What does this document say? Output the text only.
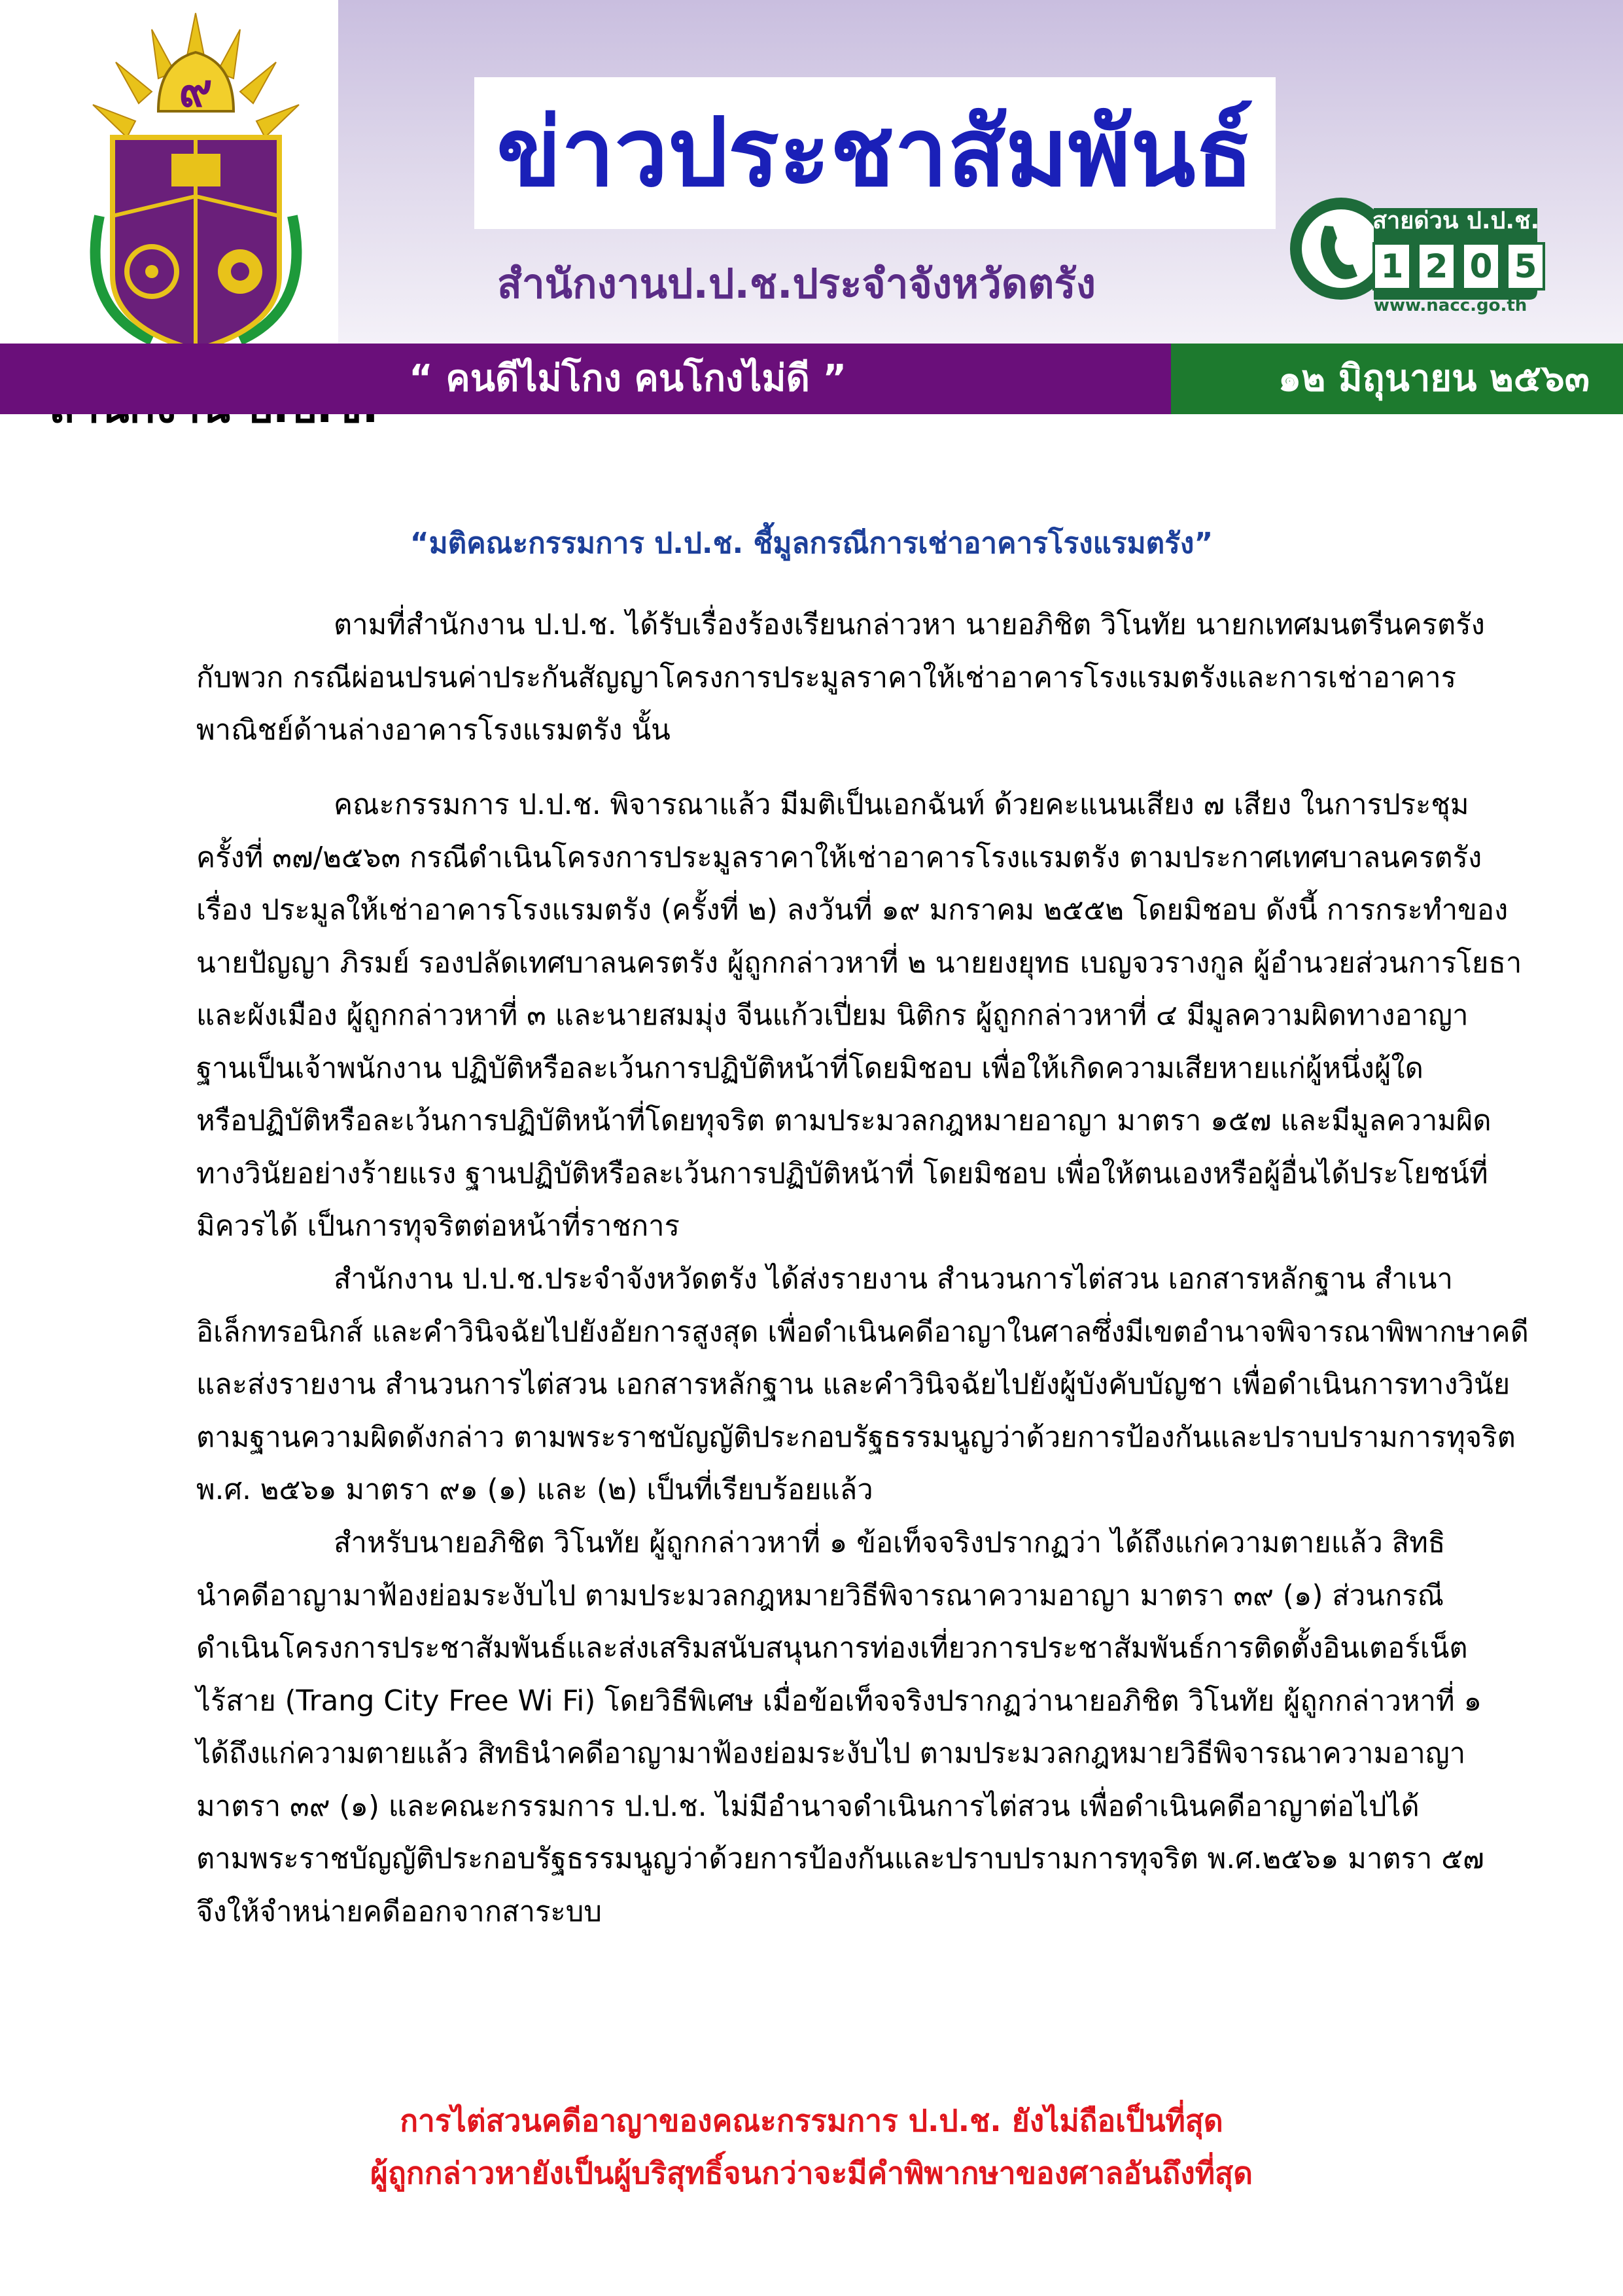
๙
ข่าวประชาสัมพันธ์
สำนักงานป.ป.ช.ประจำจังหวัดตรัง
สายด่วน ป.ป.ช.
1 2 0 5
www.nacc.go.th
“ คนดีไม่โกง คนโกงไม่ดี ”	๑๒ มิถุนายน ๒๕๖๓
“มติคณะกรรมการ ป.ป.ช. ชี้มูลกรณีการเช่าอาคารโรงแรมตรัง”
ตามที่สำนักงาน ป.ป.ช. ได้รับเรื่องร้องเรียนกล่าวหา นายอภิชิต วิโนทัย นายกเทศมนตรีนครตรัง
กับพวก กรณีผ่อนปรนค่าประกันสัญญาโครงการประมูลราคาให้เช่าอาคารโรงแรมตรังและการเช่าอาคาร
พาณิชย์ด้านล่างอาคารโรงแรมตรัง นั้น
คณะกรรมการ ป.ป.ช. พิจารณาแล้ว มีมติเป็นเอกฉันท์ ด้วยคะแนนเสียง ๗ เสียง ในการประชุม
ครั้งที่ ๓๗/๒๕๖๓ กรณีดำเนินโครงการประมูลราคาให้เช่าอาคารโรงแรมตรัง ตามประกาศเทศบาลนครตรัง
เรื่อง ประมูลให้เช่าอาคารโรงแรมตรัง (ครั้งที่ ๒) ลงวันที่ ๑๙ มกราคม ๒๕๕๒ โดยมิชอบ ดังนี้ การกระทำของ
นายปัญญา ภิรมย์ รองปลัดเทศบาลนครตรัง ผู้ถูกกล่าวหาที่ ๒ นายยงยุทธ เบญจวรางกูล ผู้อำนวยส่วนการโยธา
และผังเมือง ผู้ถูกกล่าวหาที่ ๓ และนายสมมุ่ง จีนแก้วเปี่ยม นิติกร ผู้ถูกกล่าวหาที่ ๔ มีมูลความผิดทางอาญา
ฐานเป็นเจ้าพนักงาน ปฏิบัติหรือละเว้นการปฏิบัติหน้าที่โดยมิชอบ เพื่อให้เกิดความเสียหายแก่ผู้หนึ่งผู้ใด
หรือปฏิบัติหรือละเว้นการปฏิบัติหน้าที่โดยทุจริต ตามประมวลกฎหมายอาญา มาตรา ๑๕๗ และมีมูลความผิด
ทางวินัยอย่างร้ายแรง ฐานปฏิบัติหรือละเว้นการปฏิบัติหน้าที่ โดยมิชอบ เพื่อให้ตนเองหรือผู้อื่นได้ประโยชน์ที่
มิควรได้ เป็นการทุจริตต่อหน้าที่ราชการ
สำนักงาน ป.ป.ช.ประจำจังหวัดตรัง ได้ส่งรายงาน สำนวนการไต่สวน เอกสารหลักฐาน สำเนา
อิเล็กทรอนิกส์ และคำวินิจฉัยไปยังอัยการสูงสุด เพื่อดำเนินคดีอาญาในศาลซึ่งมีเขตอำนาจพิจารณาพิพากษาคดี
และส่งรายงาน สำนวนการไต่สวน เอกสารหลักฐาน และคำวินิจฉัยไปยังผู้บังคับบัญชา เพื่อดำเนินการทางวินัย
ตามฐานความผิดดังกล่าว ตามพระราชบัญญัติประกอบรัฐธรรมนูญว่าด้วยการป้องกันและปราบปรามการทุจริต
พ.ศ. ๒๕๖๑ มาตรา ๙๑ (๑) และ (๒) เป็นที่เรียบร้อยแล้ว
สำหรับนายอภิชิต วิโนทัย ผู้ถูกกล่าวหาที่ ๑ ข้อเท็จจริงปรากฏว่า ได้ถึงแก่ความตายแล้ว สิทธิ
นำคดีอาญามาฟ้องย่อมระงับไป ตามประมวลกฎหมายวิธีพิจารณาความอาญา มาตรา ๓๙ (๑) ส่วนกรณี
ดำเนินโครงการประชาสัมพันธ์และส่งเสริมสนับสนุนการท่องเที่ยวการประชาสัมพันธ์การติดตั้งอินเตอร์เน็ต
ไร้สาย (Trang City Free Wi Fi) โดยวิธีพิเศษ เมื่อข้อเท็จจริงปรากฏว่านายอภิชิต วิโนทัย ผู้ถูกกล่าวหาที่ ๑
ได้ถึงแก่ความตายแล้ว สิทธินำคดีอาญามาฟ้องย่อมระงับไป ตามประมวลกฎหมายวิธีพิจารณาความอาญา
มาตรา ๓๙ (๑) และคณะกรรมการ ป.ป.ช. ไม่มีอำนาจดำเนินการไต่สวน เพื่อดำเนินคดีอาญาต่อไปได้
ตามพระราชบัญญัติประกอบรัฐธรรมนูญว่าด้วยการป้องกันและปราบปรามการทุจริต พ.ศ.๒๕๖๑ มาตรา ๕๗
จึงให้จำหน่ายคดีออกจากสาระบบ
การไต่สวนคดีอาญาของคณะกรรมการ ป.ป.ช. ยังไม่ถือเป็นที่สุด
ผู้ถูกกล่าวหายังเป็นผู้บริสุทธิ์จนกว่าจะมีคำพิพากษาของศาลอันถึงที่สุด
